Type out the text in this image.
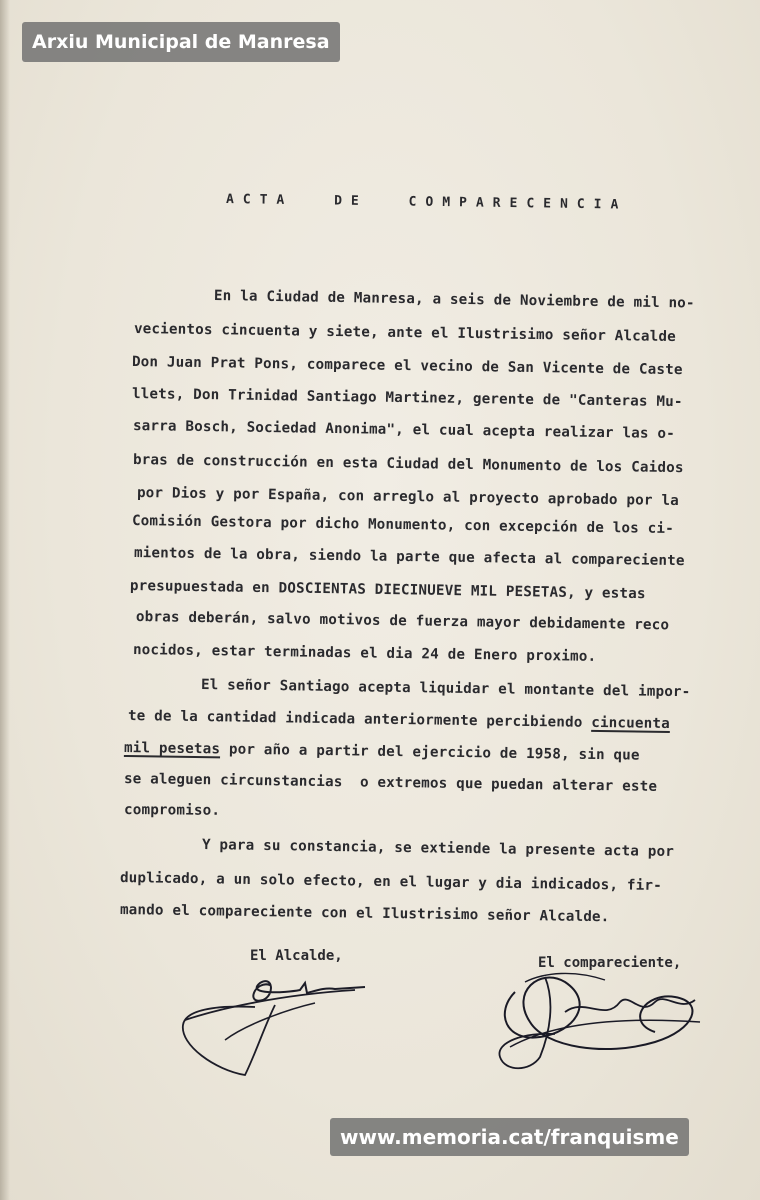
Arxiu Municipal de Manresa
ACTA	DE	COMPARECENCIA
En la Ciudad de Manresa, a seis de Noviembre de mil no-
vecientos cincuenta y siete, ante el Ilustrisimo señor Alcalde
Don Juan Prat Pons, comparece el vecino de San Vicente de Caste
llets, Don Trinidad Santiago Martinez, gerente de "Canteras Mu-
sarra Bosch, Sociedad Anonima", el cual acepta realizar las o-
bras de construcción en esta Ciudad del Monumento de los Caidos
por Dios y por España, con arreglo al proyecto aprobado por la
Comisión Gestora por dicho Monumento, con excepción de los ci-
mientos de la obra, siendo la parte que afecta al compareciente
presupuestada en DOSCIENTAS DIECINUEVE MIL PESETAS, y estas
obras deberán, salvo motivos de fuerza mayor debidamente reco
nocidos, estar terminadas el dia 24 de Enero proximo.
El señor Santiago acepta liquidar el montante del impor-
te de la cantidad indicada anteriormente percibiendo cincuenta
mil pesetas por año a partir del ejercicio de 1958, sin que
se aleguen circunstancias  o extremos que puedan alterar este
compromiso.
Y para su constancia, se extiende la presente acta por
duplicado, a un solo efecto, en el lugar y dia indicados, fir-
mando el compareciente con el Ilustrisimo señor Alcalde.
El Alcalde,	El compareciente,
www.memoria.cat/franquisme
